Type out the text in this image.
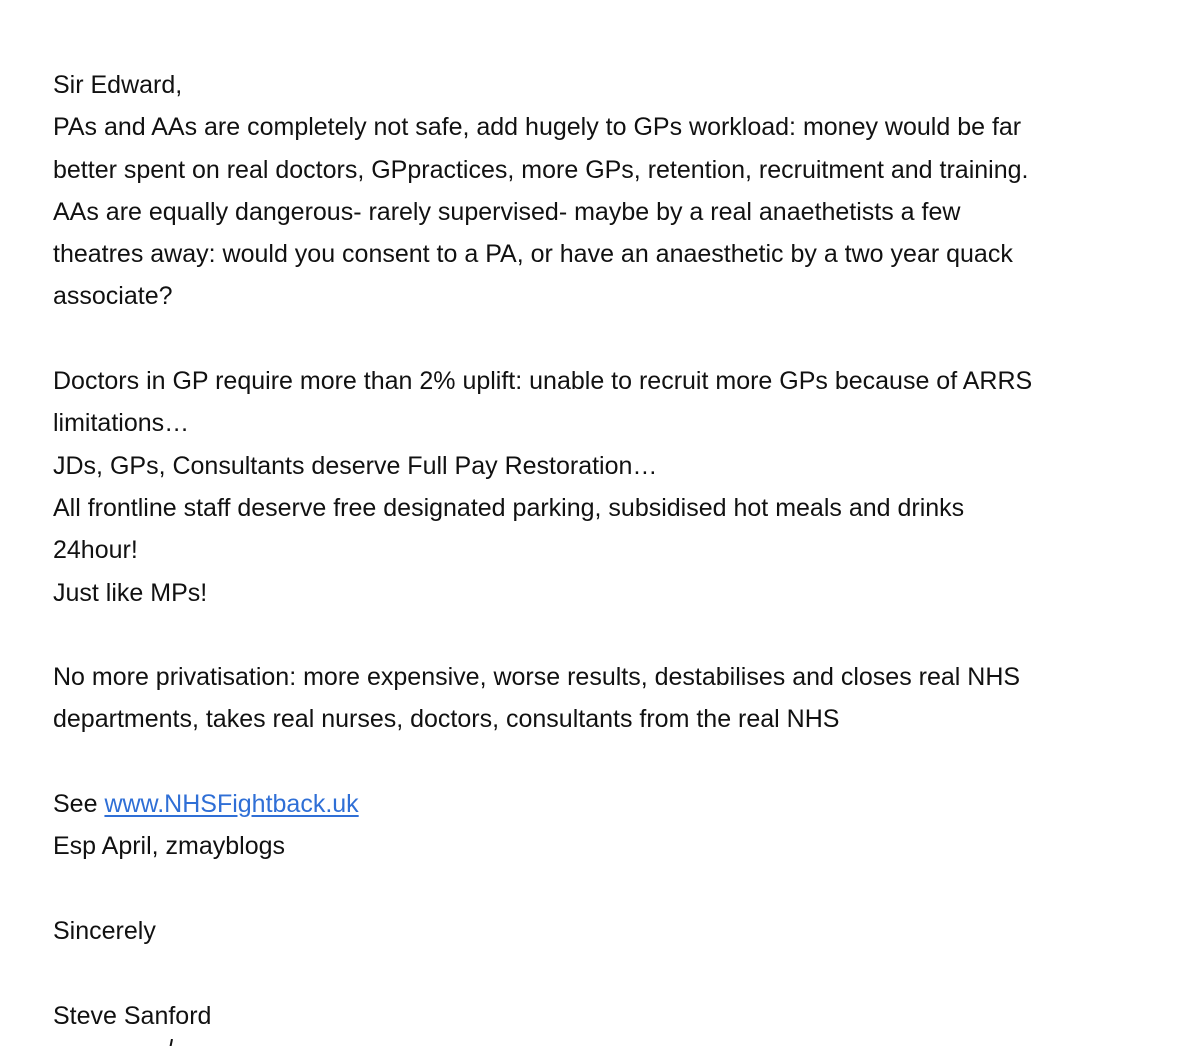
Sir Edward,
PAs and AAs are completely not safe, add hugely to GPs workload: money would be far
better spent on real doctors, GPpractices, more GPs, retention, recruitment and training.
AAs are equally dangerous- rarely supervised- maybe by a real anaethetists a few
theatres away: would you consent to a PA, or have an anaesthetic by a two year quack
associate?
Doctors in GP require more than 2% uplift: unable to recruit more GPs because of ARRS
limitations…
JDs, GPs, Consultants deserve Full Pay Restoration…
All frontline staff deserve free designated parking, subsidised hot meals and drinks
24hour!
Just like MPs!
No more privatisation: more expensive, worse results, destabilises and closes real NHS
departments, takes real nurses, doctors, consultants from the real NHS
See www.NHSFightback.uk
Esp April, zmayblogs
Sincerely
Steve Sanford
